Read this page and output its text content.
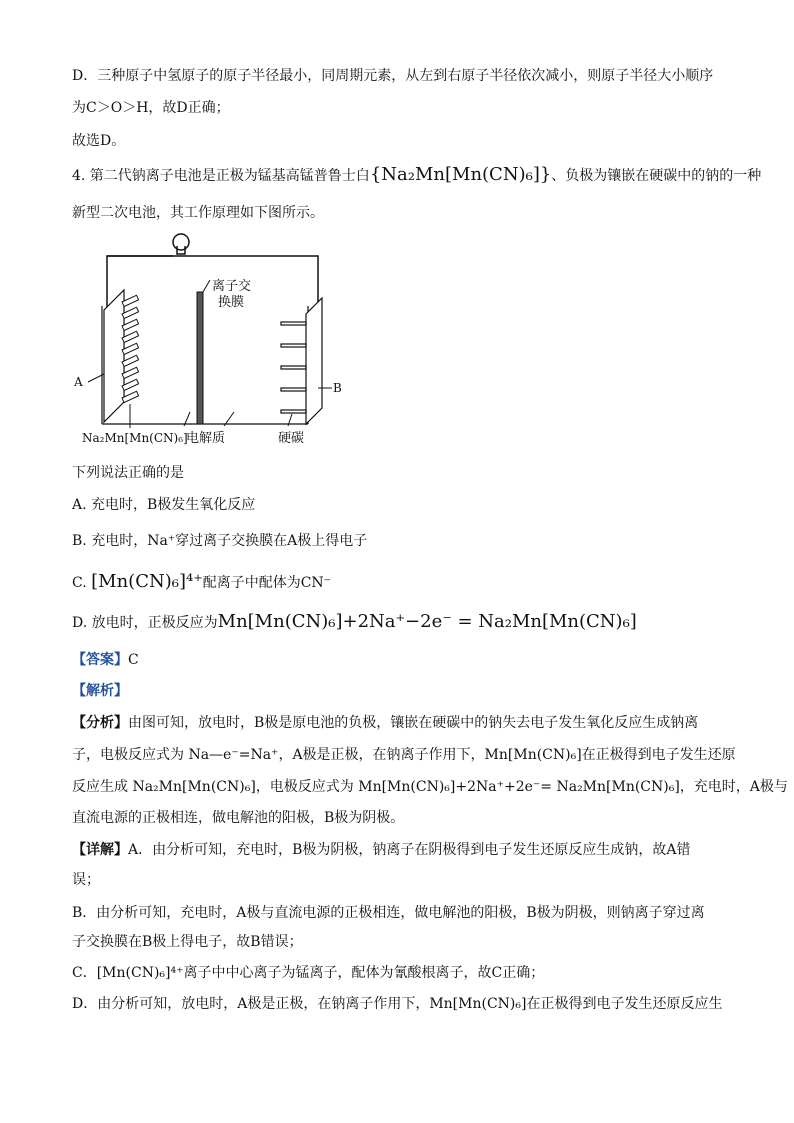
D．三种原子中氢原子的原子半径最小，同周期元素，从左到右原子半径依次减小，则原子半径大小顺序
为C＞O＞H，故D正确；
故选D。
4. 第二代钠离子电池是正极为锰基高锰普鲁士白{Na₂Mn[Mn(CN)₆]}、负极为镶嵌在硬碳中的钠的一种
新型二次电池，其工作原理如下图所示。
离子交
换膜
A	B
Na₂Mn[Mn(CN)₆]
电解质	硬碳
下列说法正确的是
A. 充电时，B极发生氧化反应
B. 充电时，Na⁺穿过离子交换膜在A极上得电子
C. [Mn(CN)₆]⁴⁺配离子中配体为CN⁻
D. 放电时，正极反应为Mn[Mn(CN)₆]+2Na⁺−2e⁻ = Na₂Mn[Mn(CN)₆]
【答案】C
【解析】
【分析】由图可知，放电时，B极是原电池的负极，镶嵌在硬碳中的钠失去电子发生氧化反应生成钠离
子，电极反应式为 Na—e⁻=Na⁺，A极是正极，在钠离子作用下，Mn[Mn(CN)₆]在正极得到电子发生还原
反应生成 Na₂Mn[Mn(CN)₆]，电极反应式为 Mn[Mn(CN)₆]+2Na⁺+2e⁻= Na₂Mn[Mn(CN)₆]，充电时，A极与
直流电源的正极相连，做电解池的阳极，B极为阴极。
【详解】A．由分析可知，充电时，B极为阴极，钠离子在阴极得到电子发生还原反应生成钠，故A错
误；
B．由分析可知，充电时，A极与直流电源的正极相连，做电解池的阳极，B极为阴极，则钠离子穿过离
子交换膜在B极上得电子，故B错误；
C．[Mn(CN)₆]⁴⁺离子中中心离子为锰离子，配体为氰酸根离子，故C正确；
D．由分析可知，放电时，A极是正极，在钠离子作用下，Mn[Mn(CN)₆]在正极得到电子发生还原反应生
